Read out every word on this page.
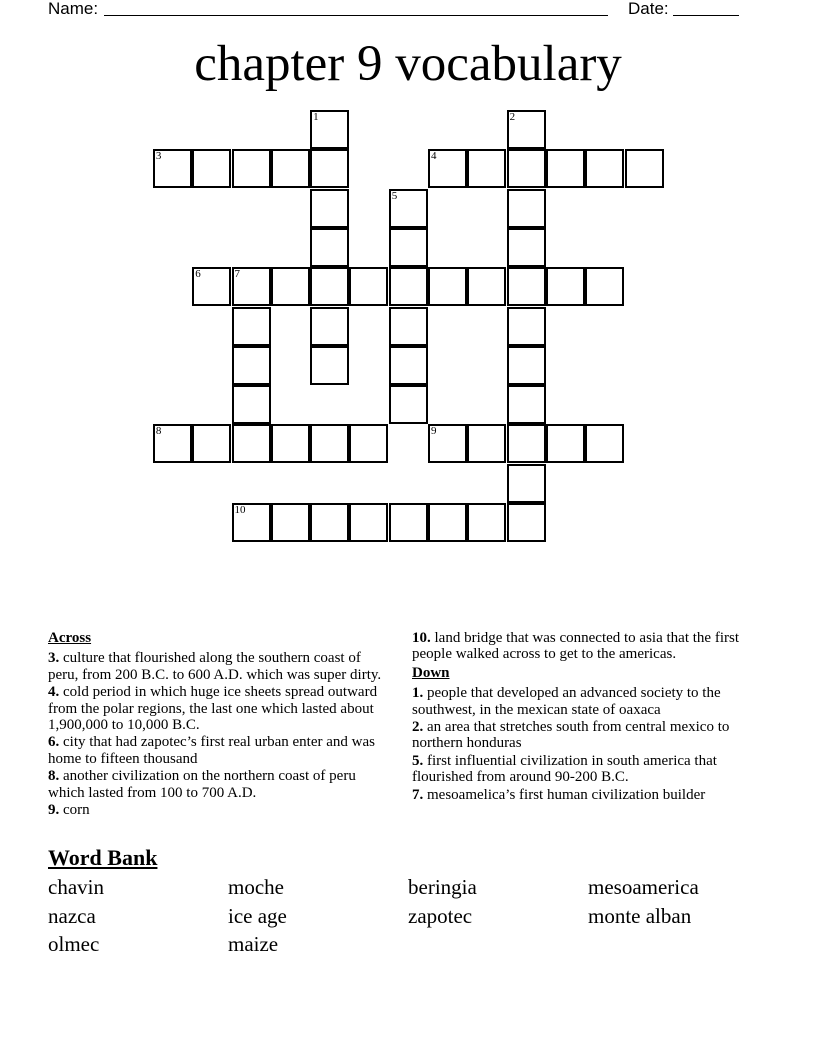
Name:	Date:
chapter 9 vocabulary
1	2
3	4
5
6	7
8	9
10
Across
3. culture that flourished along the southern coast of peru, from 200 B.C. to 600 A.D. which was super dirty.
4. cold period in which huge ice sheets spread outward from the polar regions, the last one which lasted about 1,900,000 to 10,000 B.C.
6. city that had zapotec’s first real urban enter and was home to fifteen thousand
8. another civilization on the northern coast of peru which lasted from 100 to 700 A.D.
9. corn
10. land bridge that was connected to asia that the first people walked across to get to the americas.
Down
1. people that developed an advanced society to the southwest, in the mexican state of oaxaca
2. an area that stretches south from central mexico to northern honduras
5. first influential civilization in south america that flourished from around 90-200 B.C.
7. mesoamelica’s first human civilization builder
Word Bank
chavin	moche	beringia	mesoamerica
nazca	ice age	zapotec	monte alban
olmec	maize
